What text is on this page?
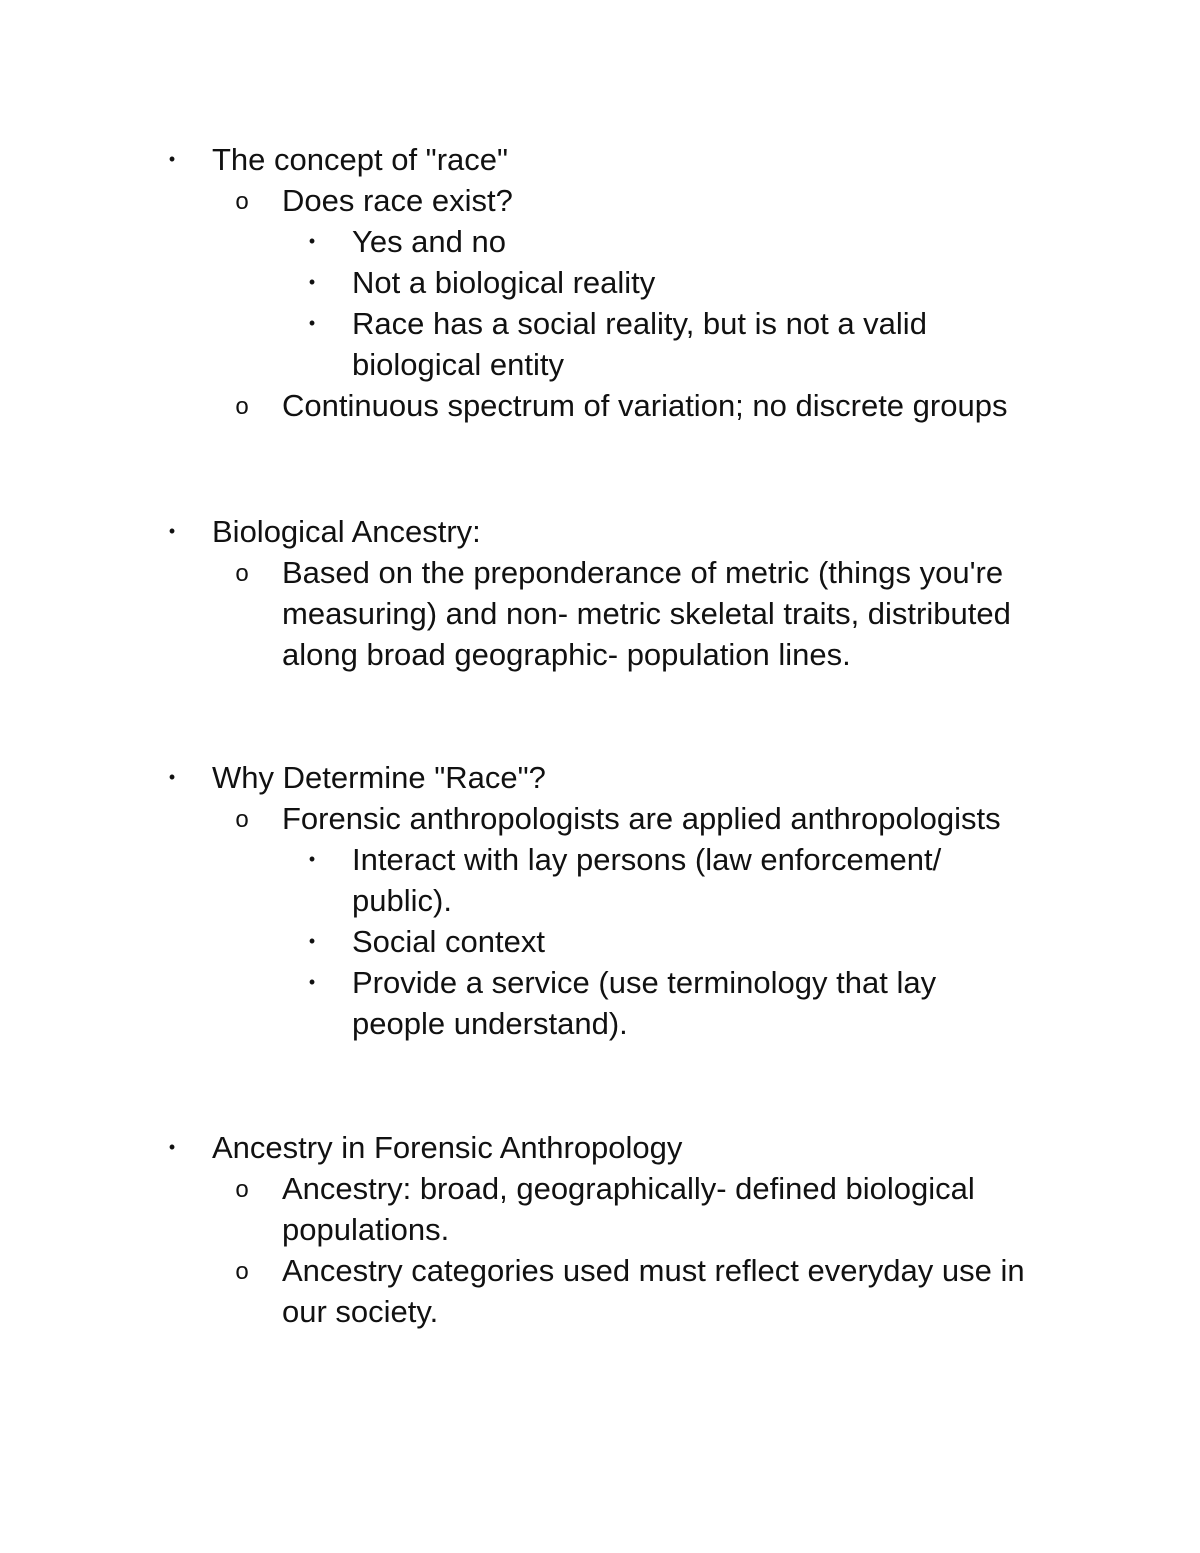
• The concept of "race"
o Does race exist?
• Yes and no
• Not a biological reality
• Race has a social reality, but is not a valid biological entity
o Continuous spectrum of variation; no discrete groups
• Biological Ancestry:
o Based on the preponderance of metric (things you're measuring) and non- metric skeletal traits, distributed along broad geographic- population lines.
• Why Determine "Race"?
o Forensic anthropologists are applied anthropologists
• Interact with lay persons (law enforcement/ public).
• Social context
• Provide a service (use terminology that lay people understand).
• Ancestry in Forensic Anthropology
o Ancestry: broad, geographically- defined biological populations.
o Ancestry categories used must reflect everyday use in our society.
